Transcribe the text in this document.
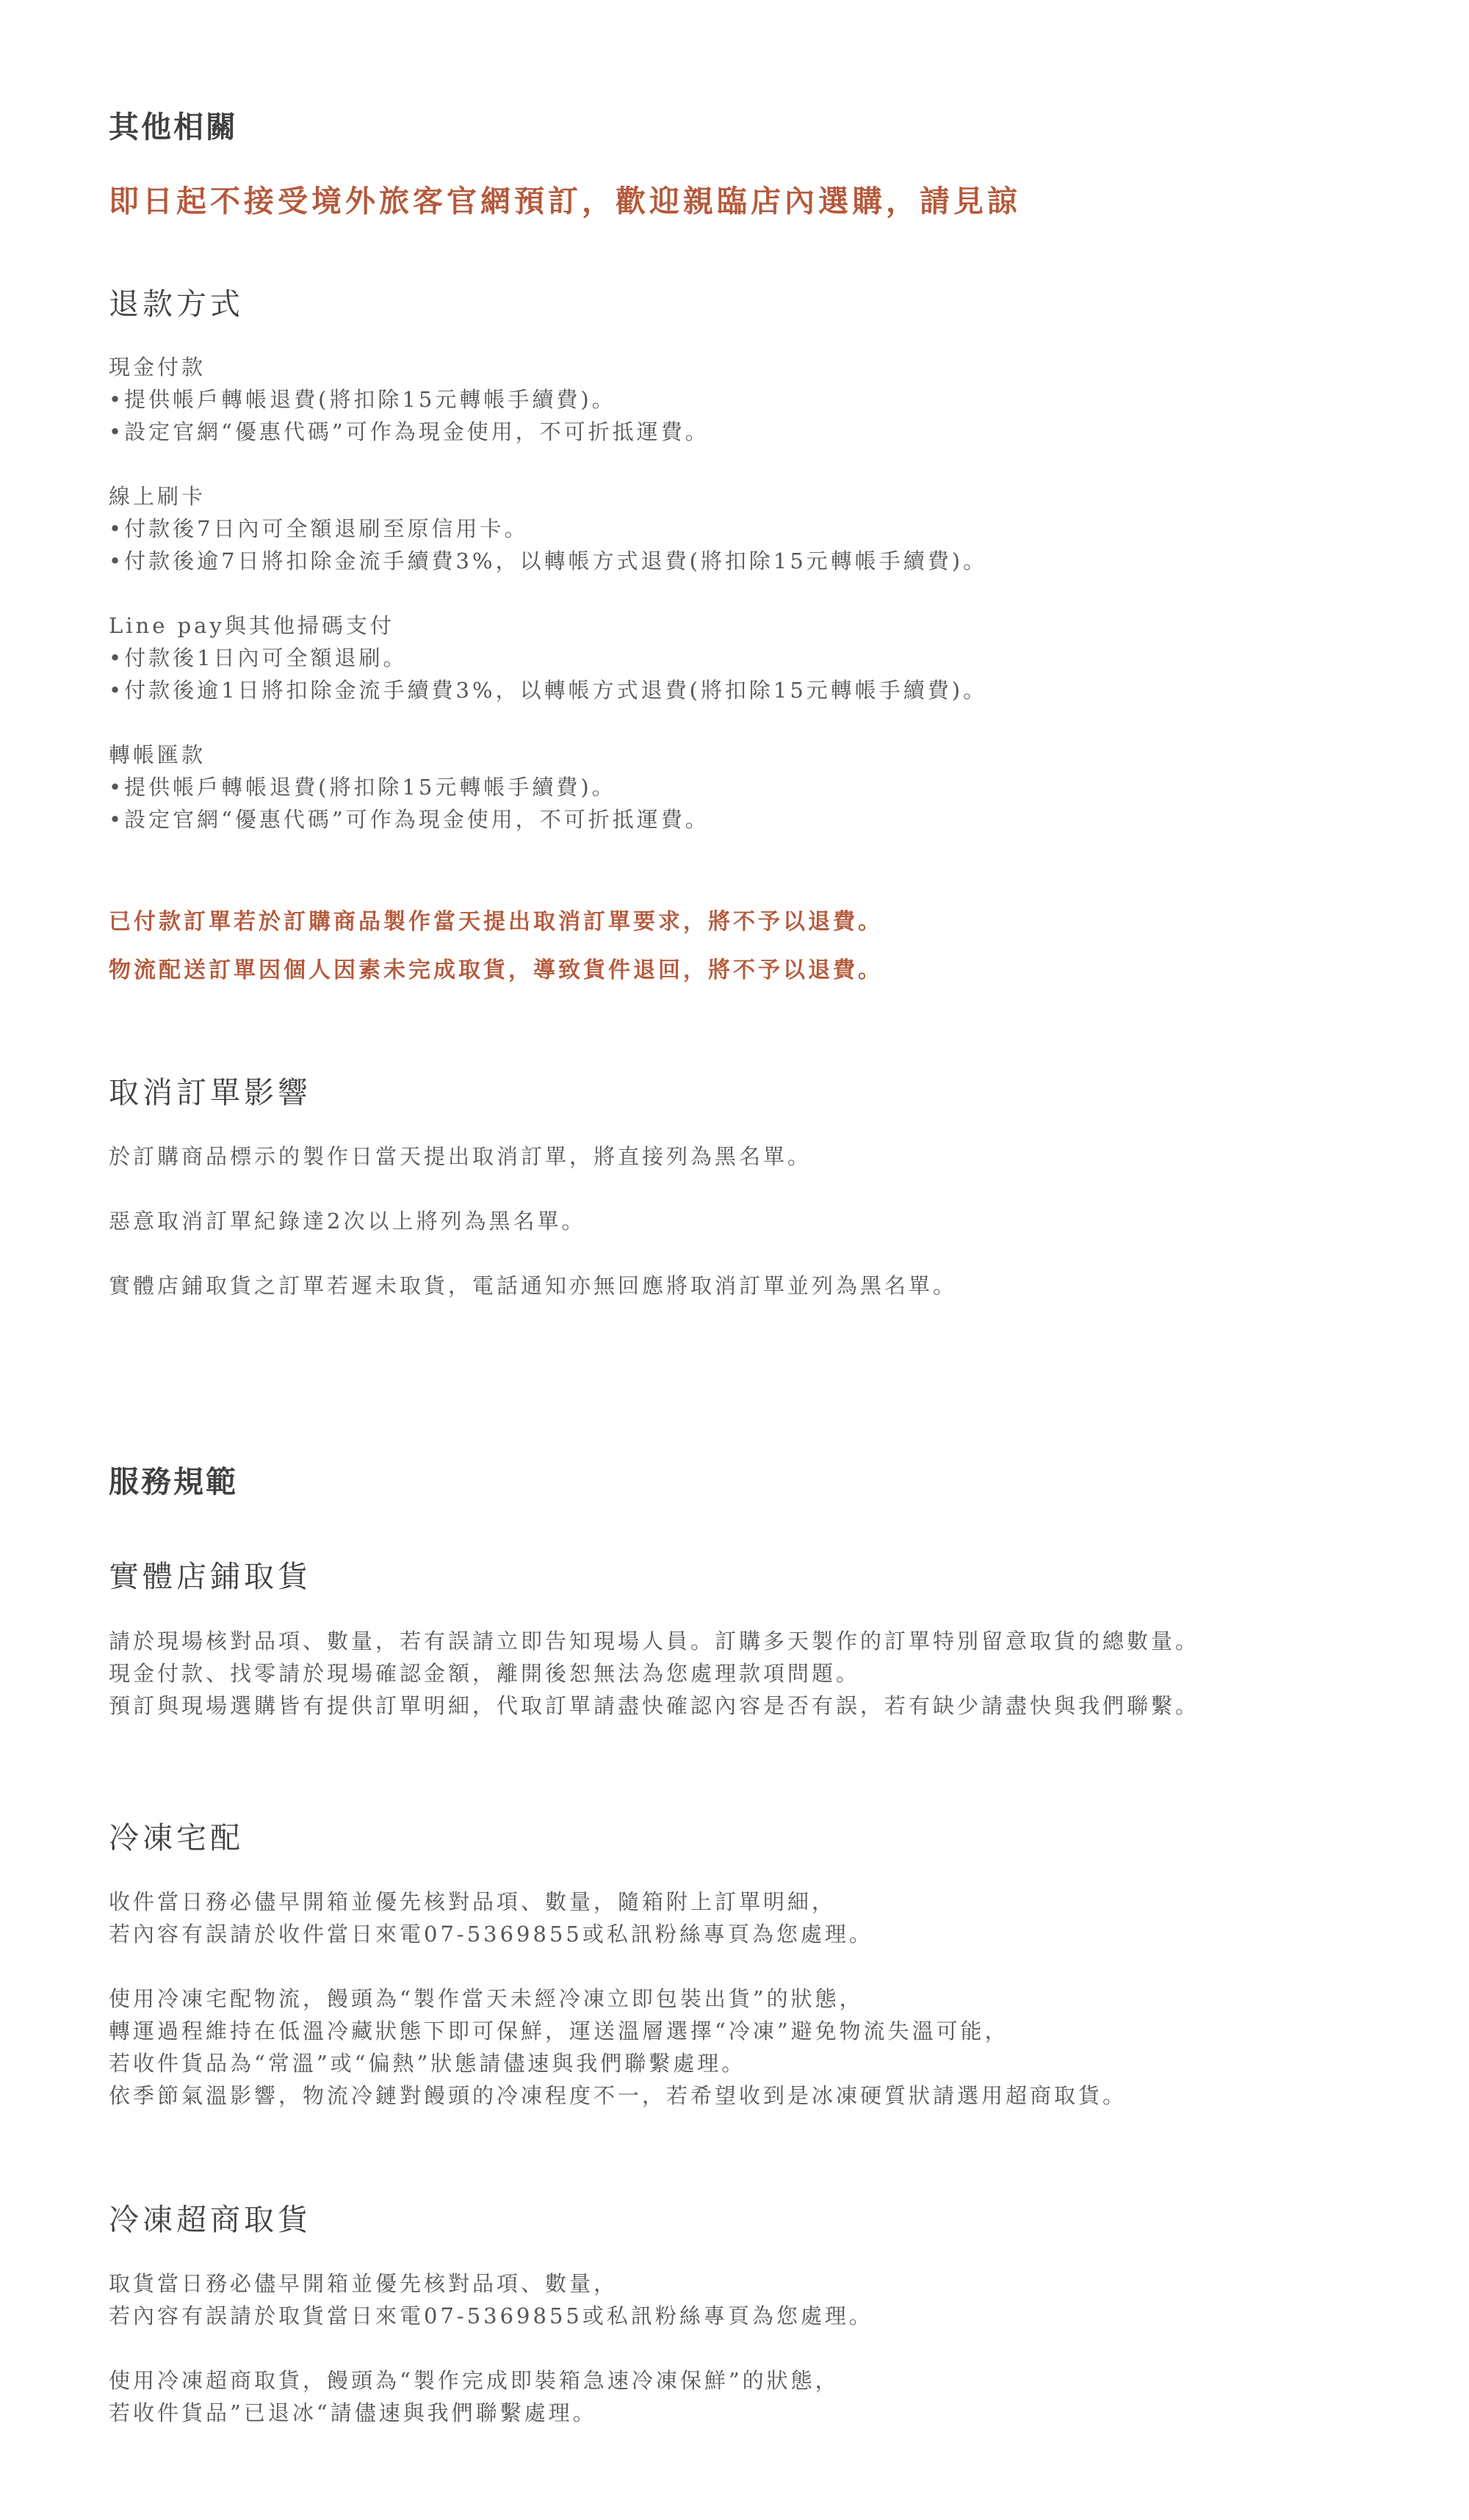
其他相關
即日起不接受境外旅客官網預訂，歡迎親臨店內選購，請見諒
退款方式
現金付款
•提供帳戶轉帳退費(將扣除15元轉帳手續費)。
•設定官網“優惠代碼”可作為現金使用，不可折抵運費。
線上刷卡
•付款後7日內可全額退刷至原信用卡。
•付款後逾7日將扣除金流手續費3%，以轉帳方式退費(將扣除15元轉帳手續費)。
Line pay與其他掃碼支付
•付款後1日內可全額退刷。
•付款後逾1日將扣除金流手續費3%，以轉帳方式退費(將扣除15元轉帳手續費)。
轉帳匯款
•提供帳戶轉帳退費(將扣除15元轉帳手續費)。
•設定官網“優惠代碼”可作為現金使用，不可折抵運費。
已付款訂單若於訂購商品製作當天提出取消訂單要求，將不予以退費。
物流配送訂單因個人因素未完成取貨，導致貨件退回，將不予以退費。
取消訂單影響
於訂購商品標示的製作日當天提出取消訂單，將直接列為黑名單。
惡意取消訂單紀錄達2次以上將列為黑名單。
實體店鋪取貨之訂單若遲未取貨，電話通知亦無回應將取消訂單並列為黑名單。
服務規範
實體店鋪取貨
請於現場核對品項、數量，若有誤請立即告知現場人員。訂購多天製作的訂單特別留意取貨的總數量。
現金付款、找零請於現場確認金額，離開後恕無法為您處理款項問題。
預訂與現場選購皆有提供訂單明細，代取訂單請盡快確認內容是否有誤，若有缺少請盡快與我們聯繫。
冷凍宅配
收件當日務必儘早開箱並優先核對品項、數量，隨箱附上訂單明細，
若內容有誤請於收件當日來電07-5369855或私訊粉絲專頁為您處理。
使用冷凍宅配物流，饅頭為“製作當天未經冷凍立即包裝出貨”的狀態，
轉運過程維持在低溫冷藏狀態下即可保鮮，運送溫層選擇“冷凍”避免物流失溫可能，
若收件貨品為“常溫”或“偏熱”狀態請儘速與我們聯繫處理。
依季節氣溫影響，物流冷鏈對饅頭的冷凍程度不一，若希望收到是冰凍硬質狀請選用超商取貨。
冷凍超商取貨
取貨當日務必儘早開箱並優先核對品項、數量，
若內容有誤請於取貨當日來電07-5369855或私訊粉絲專頁為您處理。
使用冷凍超商取貨，饅頭為“製作完成即裝箱急速冷凍保鮮”的狀態，
若收件貨品”已退冰“請儘速與我們聯繫處理。
